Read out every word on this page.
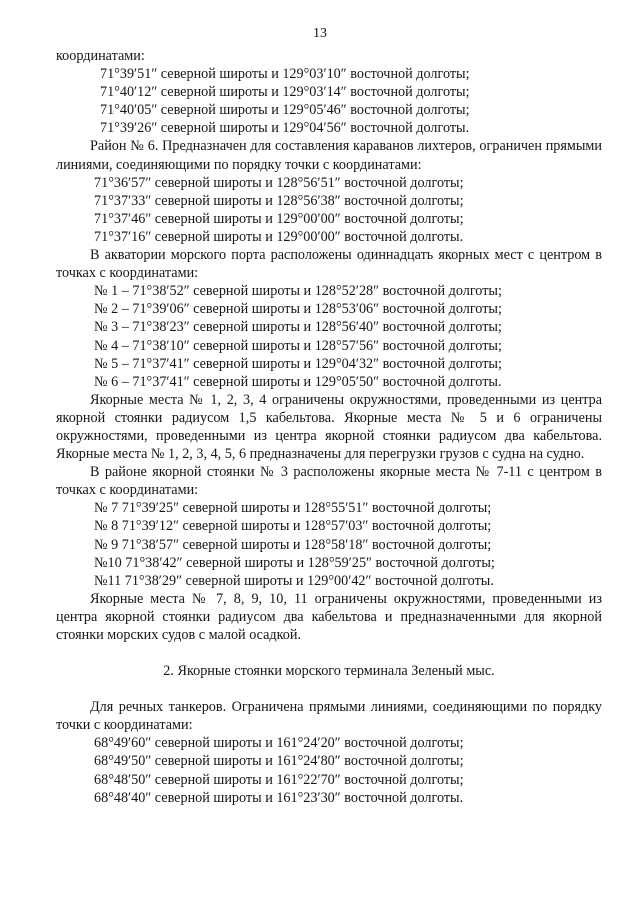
13

координатами:

71°39′51″ северной широты и 129°03′10″ восточной долготы;

71°40′12″ северной широты и 129°03′14″ восточной долготы;

71°40′05″ северной широты и 129°05′46″ восточной долготы;

71°39′26″ северной широты и 129°04′56″ восточной долготы.

Район № 6. Предназначен для составления караванов лихтеров, ограничен прямыми линиями, соединяющими по порядку точки с координатами:

71°36′57″ северной широты и 128°56′51″ восточной долготы;

71°37′33″ северной широты и 128°56′38″ восточной долготы;

71°37′46″ северной широты и 129°00′00″ восточной долготы;

71°37′16″ северной широты и 129°00′00″ восточной долготы.

В акватории морского порта расположены одиннадцать якорных мест с центром в точках с координатами:

№ 1 – 71°38′52″ северной широты и 128°52′28″ восточной долготы;

№ 2 – 71°39′06″ северной широты и 128°53′06″ восточной долготы;

№ 3 – 71°38′23″ северной широты и 128°56′40″ восточной долготы;

№ 4 – 71°38′10″ северной широты и 128°57′56″ восточной долготы;

№ 5 – 71°37′41″ северной широты и 129°04′32″ восточной долготы;

№ 6 – 71°37′41″ северной широты и 129°05′50″ восточной долготы.

Якорные места № 1, 2, 3, 4 ограничены окружностями, проведенными из центра якорной стоянки радиусом 1,5 кабельтова. Якорные места № 5 и 6 ограничены окружностями, проведенными из центра якорной стоянки радиусом два кабельтова. Якорные места № 1, 2, 3, 4, 5, 6 предназначены для перегрузки грузов с судна на судно.

В районе якорной стоянки № 3 расположены якорные места № 7-11 с центром в точках с координатами:

№ 7 71°39′25″ северной широты и 128°55′51″ восточной долготы;

№ 8 71°39′12″ северной широты и 128°57′03″ восточной долготы;

№ 9 71°38′57″ северной широты и 128°58′18″ восточной долготы;

№10 71°38′42″ северной широты и 128°59′25″ восточной долготы;

№11 71°38′29″ северной широты и 129°00′42″ восточной долготы.

Якорные места № 7, 8, 9, 10, 11 ограничены окружностями, проведенными из центра якорной стоянки радиусом два кабельтова и предназначенными для якорной стоянки морских судов с малой осадкой.

2. Якорные стоянки морского терминала Зеленый мыс.

Для речных танкеров. Ограничена прямыми линиями, соединяющими по порядку точки с координатами:

68°49′60″ северной широты и 161°24′20″ восточной долготы;

68°49′50″ северной широты и 161°24′80″ восточной долготы;

68°48′50″ северной широты и 161°22′70″ восточной долготы;

68°48′40″ северной широты и 161°23′30″ восточной долготы.
